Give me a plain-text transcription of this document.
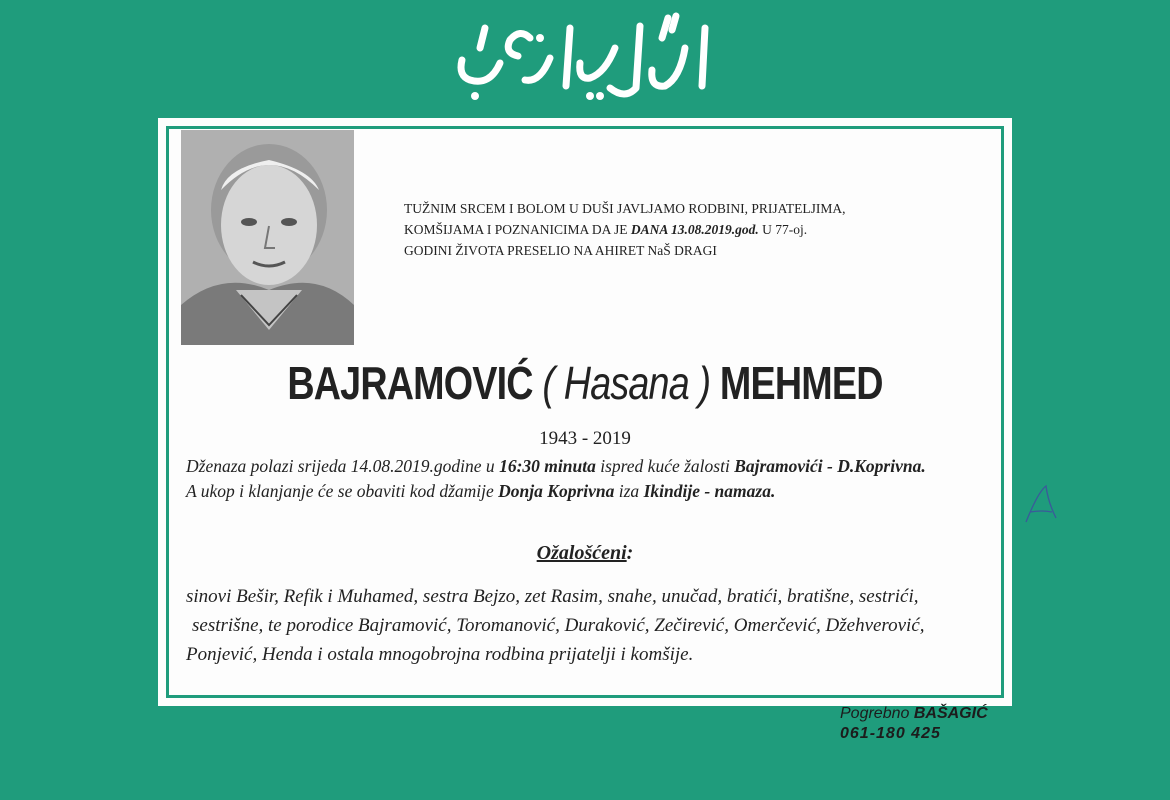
TUŽNIM SRCEM I BOLOM U DUŠI JAVLJAMO RODBINI, PRIJATELJIMA,
KOMŠIJAMA I POZNANICIMA DA JE DANA 13.08.2019.god. U 77-oj.
GODINI ŽIVOTA PRESELIO NA AHIRET NaŠ DRAGI
BAJRAMOVIĆ ( Hasana ) MEHMED
1943 - 2019
Dženaza polazi srijeda 14.08.2019.godine u 16:30 minuta ispred kuće žalosti Bajramovići - D.Koprivna.
A ukop i klanjanje će se obaviti kod džamije Donja Koprivna iza Ikindije - namaza.
Ožalošćeni:
sinovi Bešir, Refik i Muhamed, sestra Bejzo, zet Rasim, snahe, unučad, bratići, bratišne, sestrići,
sestrišne, te porodice Bajramović, Toromanović, Duraković, Zečirević, Omerčević, Džehverović,
Ponjević, Henda i ostala mnogobrojna rodbina prijatelji i komšije.
Pogrebno BAŠAGIĆ
061-180 425
